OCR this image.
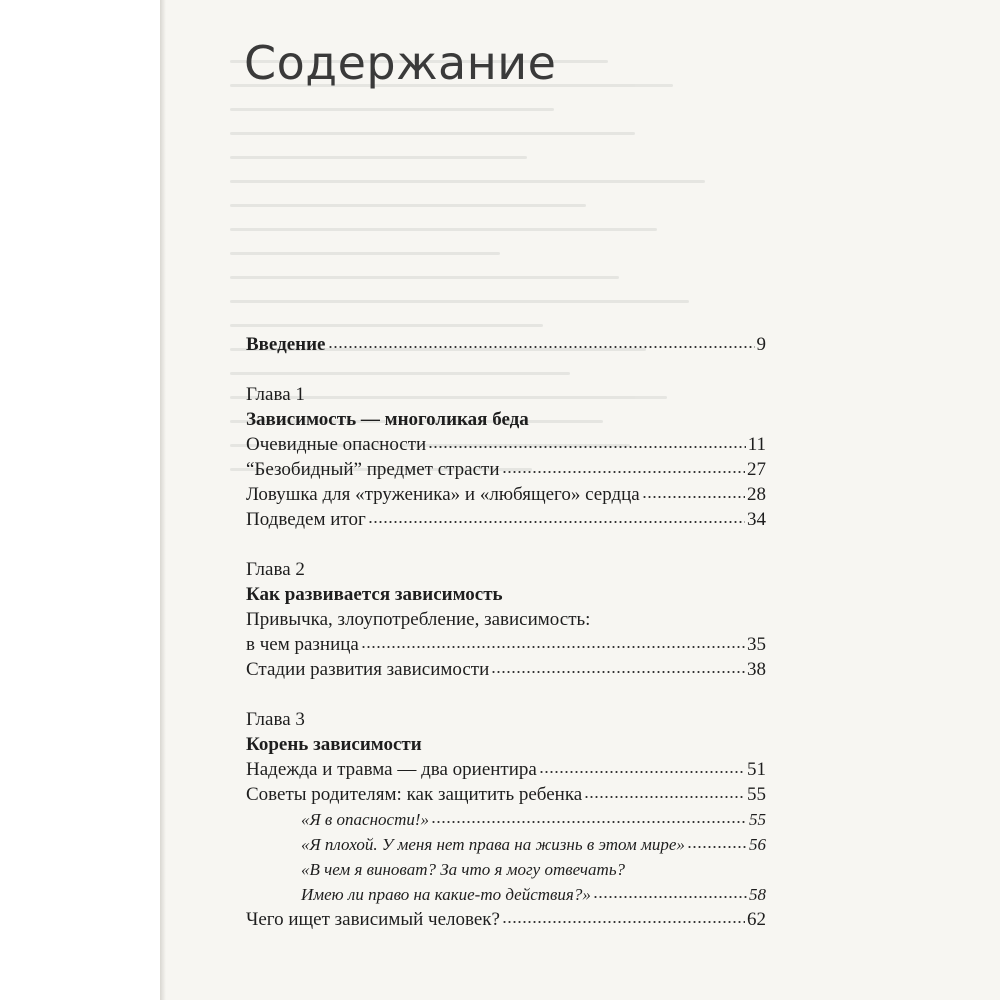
Содержание
Введение	9
Глава 1
Зависимость — многоликая беда
Очевидные опасности	11
“Безобидный” предмет страсти	27
Ловушка для «труженика» и «любящего» сердца	28
Подведем итог	34
Глава 2
Как развивается зависимость
Привычка, злоупотребление, зависимость:
в чем разница	35
Стадии развития зависимости	38
Глава 3
Корень зависимости
Надежда и травма — два ориентира	51
Советы родителям: как защитить ребенка	55
«Я в опасности!»	55
«Я плохой. У меня нет права на жизнь в этом мире»	56
«В чем я виноват? За что я могу отвечать?
Имею ли право на какие-то действия?»	58
Чего ищет зависимый человек?	62
